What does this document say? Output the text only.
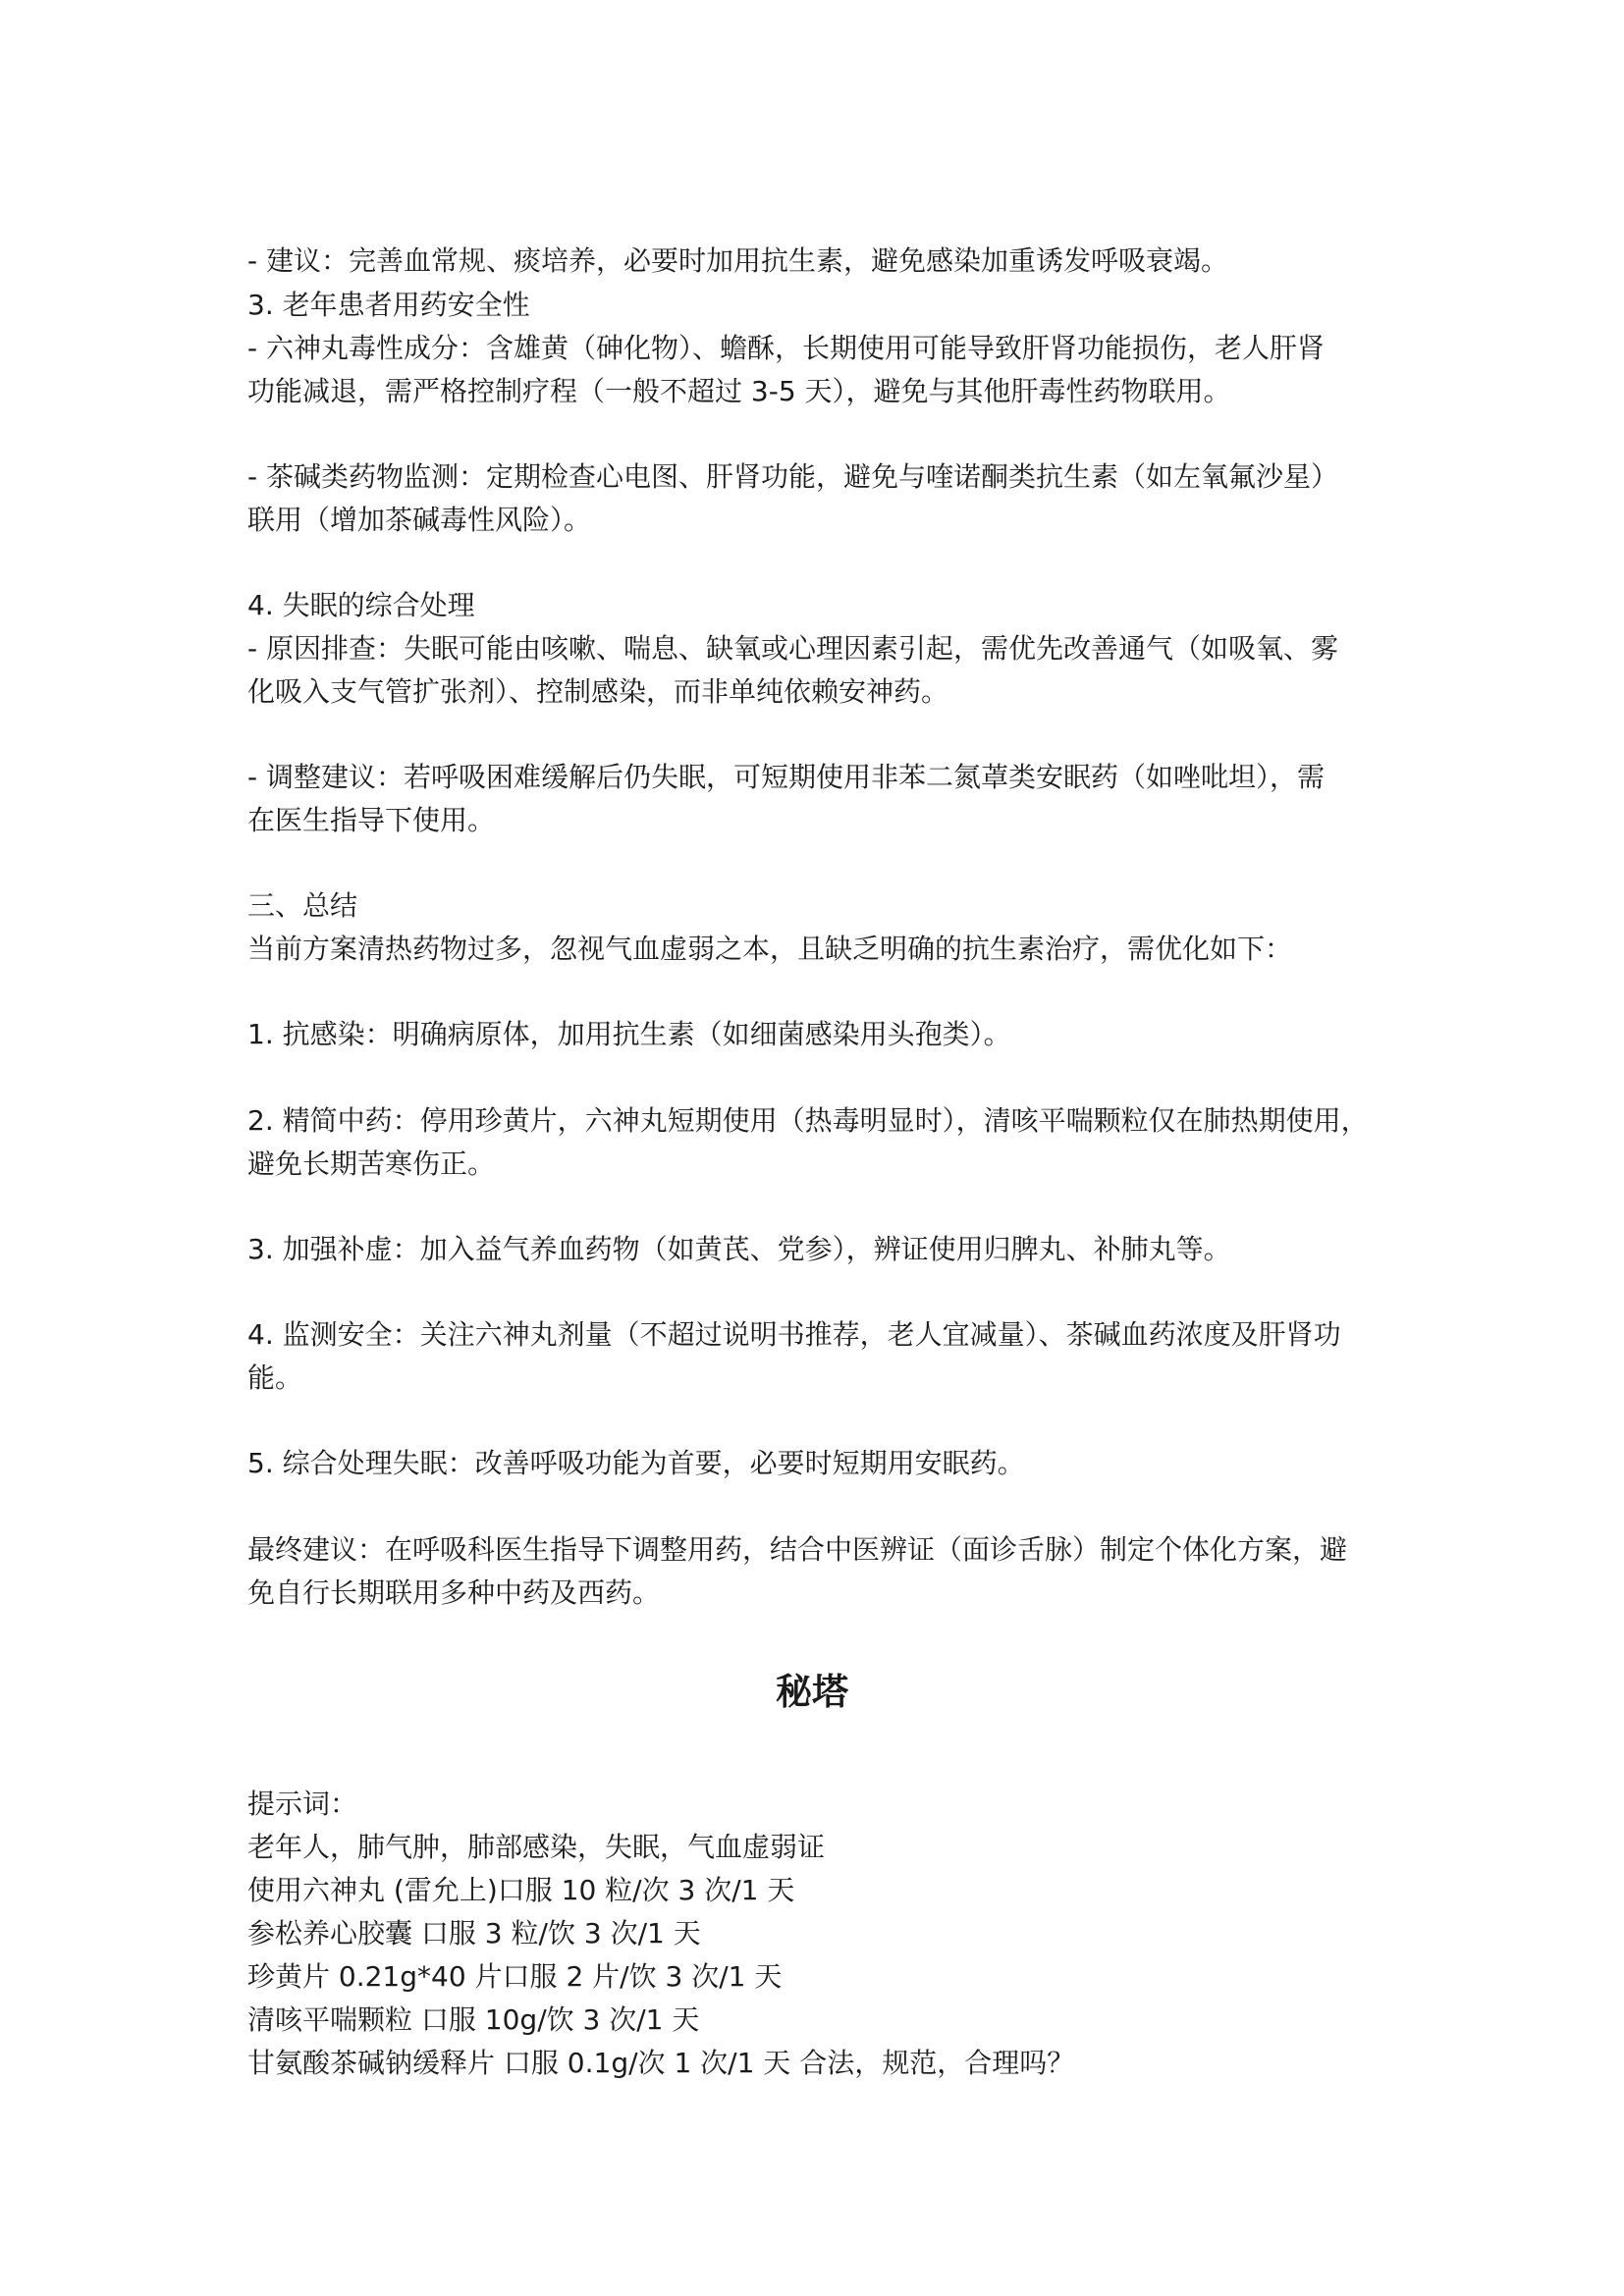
- 建议：完善血常规、痰培养，必要时加用抗生素，避免感染加重诱发呼吸衰竭。
3. 老年患者用药安全性
- 六神丸毒性成分：含雄黄（砷化物）、蟾酥，长期使用可能导致肝肾功能损伤，老人肝肾
功能减退，需严格控制疗程（一般不超过 3-5 天），避免与其他肝毒性药物联用。
- 茶碱类药物监测：定期检查心电图、肝肾功能，避免与喹诺酮类抗生素（如左氧氟沙星）
联用（增加茶碱毒性风险）。
4. 失眠的综合处理
- 原因排查：失眠可能由咳嗽、喘息、缺氧或心理因素引起，需优先改善通气（如吸氧、雾
化吸入支气管扩张剂）、控制感染，而非单纯依赖安神药。
- 调整建议：若呼吸困难缓解后仍失眠，可短期使用非苯二氮䓬类安眠药（如唑吡坦），需
在医生指导下使用。
三、总结
当前方案清热药物过多，忽视气血虚弱之本，且缺乏明确的抗生素治疗，需优化如下：
1. 抗感染：明确病原体，加用抗生素（如细菌感染用头孢类）。
2. 精简中药：停用珍黄片，六神丸短期使用（热毒明显时），清咳平喘颗粒仅在肺热期使用，
避免长期苦寒伤正。
3. 加强补虚：加入益气养血药物（如黄芪、党参），辨证使用归脾丸、补肺丸等。
4. 监测安全：关注六神丸剂量（不超过说明书推荐，老人宜减量）、茶碱血药浓度及肝肾功
能。
5. 综合处理失眠：改善呼吸功能为首要，必要时短期用安眠药。
最终建议：在呼吸科医生指导下调整用药，结合中医辨证（面诊舌脉）制定个体化方案，避
免自行长期联用多种中药及西药。
秘塔
提示词：
老年人，肺气肿，肺部感染，失眠，气血虚弱证
使用六神丸 (雷允上)口服 10 粒/次 3 次/1 天
参松养心胶囊 口服 3 粒/饮 3 次/1 天
珍黄片 0.21g*40 片口服 2 片/饮 3 次/1 天
清咳平喘颗粒 口服 10g/饮 3 次/1 天
甘氨酸茶碱钠缓释片 口服 0.1g/次 1 次/1 天 合法，规范，合理吗？
